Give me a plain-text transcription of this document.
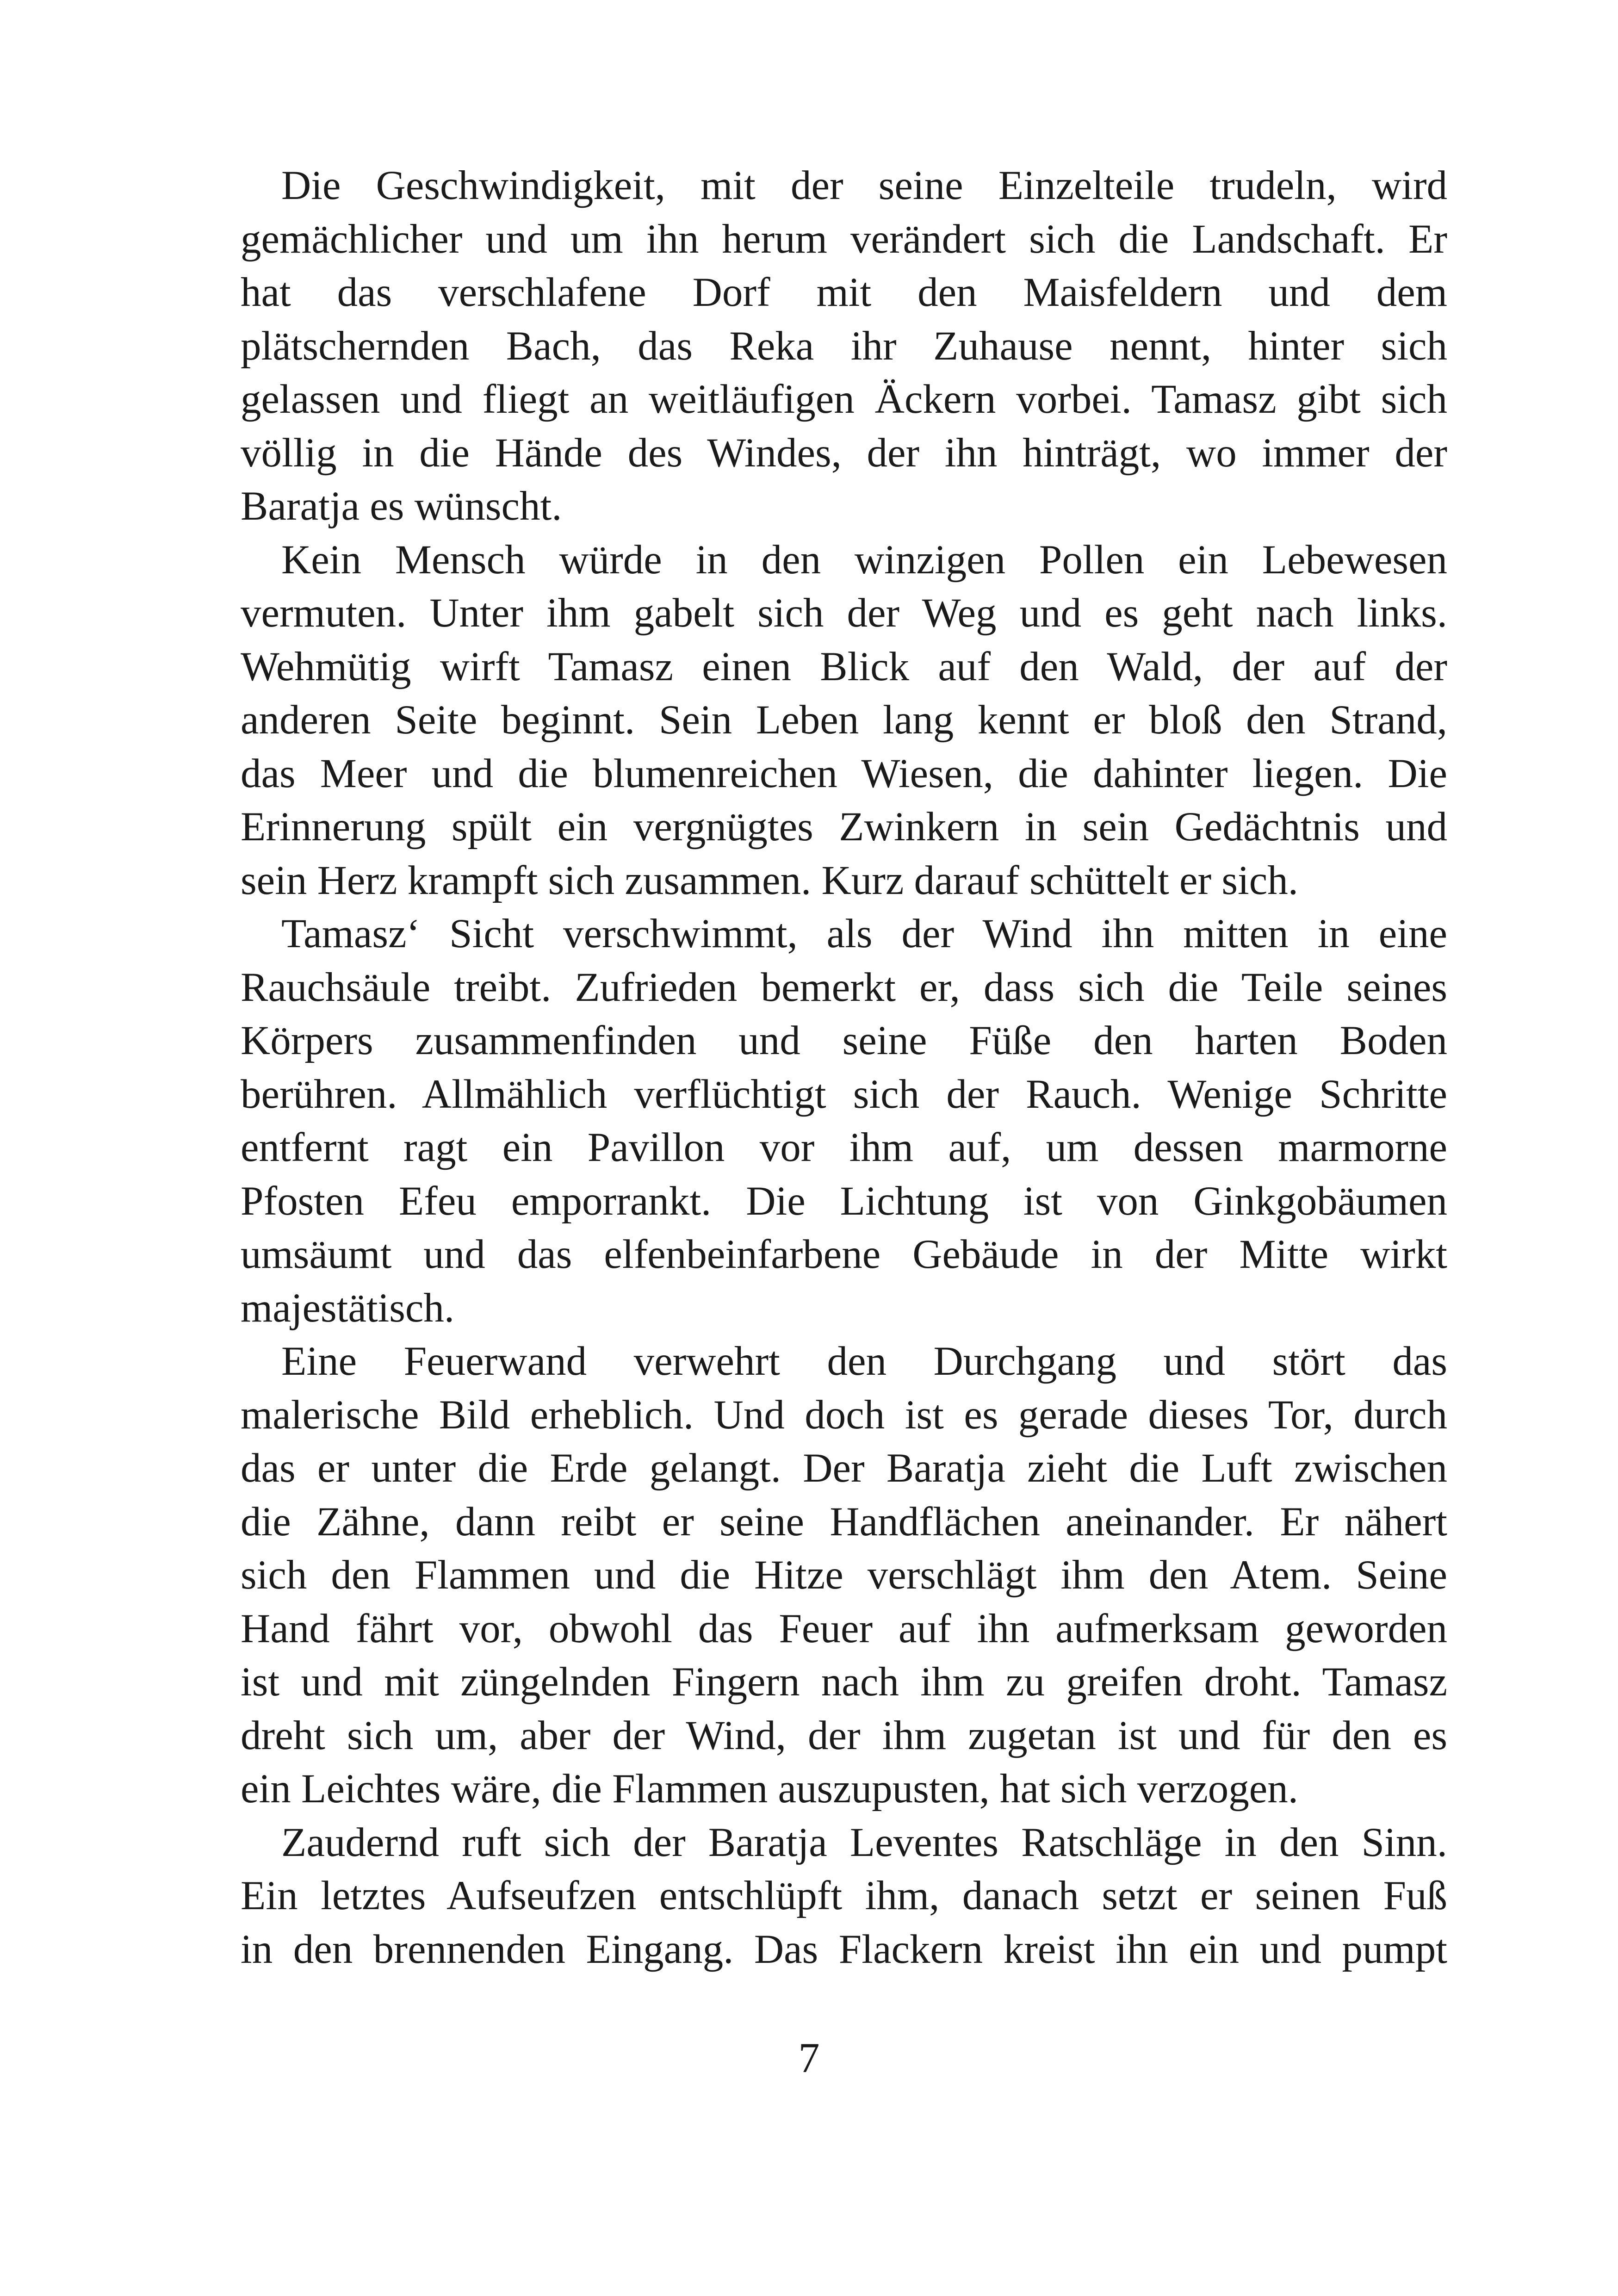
Die Geschwindigkeit, mit der seine Einzelteile trudeln, wird
gemächlicher und um ihn herum verändert sich die Landschaft. Er
hat das verschlafene Dorf mit den Maisfeldern und dem
plätschernden Bach, das Reka ihr Zuhause nennt, hinter sich
gelassen und fliegt an weitläufigen Äckern vorbei. Tamasz gibt sich
völlig in die Hände des Windes, der ihn hinträgt, wo immer der
Baratja es wünscht.

Kein Mensch würde in den winzigen Pollen ein Lebewesen
vermuten. Unter ihm gabelt sich der Weg und es geht nach links.
Wehmütig wirft Tamasz einen Blick auf den Wald, der auf der
anderen Seite beginnt. Sein Leben lang kennt er bloß den Strand,
das Meer und die blumenreichen Wiesen, die dahinter liegen. Die
Erinnerung spült ein vergnügtes Zwinkern in sein Gedächtnis und
sein Herz krampft sich zusammen. Kurz darauf schüttelt er sich.

Tamasz‘ Sicht verschwimmt, als der Wind ihn mitten in eine
Rauchsäule treibt. Zufrieden bemerkt er, dass sich die Teile seines
Körpers zusammenfinden und seine Füße den harten Boden
berühren. Allmählich verflüchtigt sich der Rauch. Wenige Schritte
entfernt ragt ein Pavillon vor ihm auf, um dessen marmorne
Pfosten Efeu emporrankt. Die Lichtung ist von Ginkgobäumen
umsäumt und das elfenbeinfarbene Gebäude in der Mitte wirkt
majestätisch.

Eine Feuerwand verwehrt den Durchgang und stört das
malerische Bild erheblich. Und doch ist es gerade dieses Tor, durch
das er unter die Erde gelangt. Der Baratja zieht die Luft zwischen
die Zähne, dann reibt er seine Handflächen aneinander. Er nähert
sich den Flammen und die Hitze verschlägt ihm den Atem. Seine
Hand fährt vor, obwohl das Feuer auf ihn aufmerksam geworden
ist und mit züngelnden Fingern nach ihm zu greifen droht. Tamasz
dreht sich um, aber der Wind, der ihm zugetan ist und für den es
ein Leichtes wäre, die Flammen auszupusten, hat sich verzogen.

Zaudernd ruft sich der Baratja Leventes Ratschläge in den Sinn.
Ein letztes Aufseufzen entschlüpft ihm, danach setzt er seinen Fuß
in den brennenden Eingang. Das Flackern kreist ihn ein und pumpt

7
